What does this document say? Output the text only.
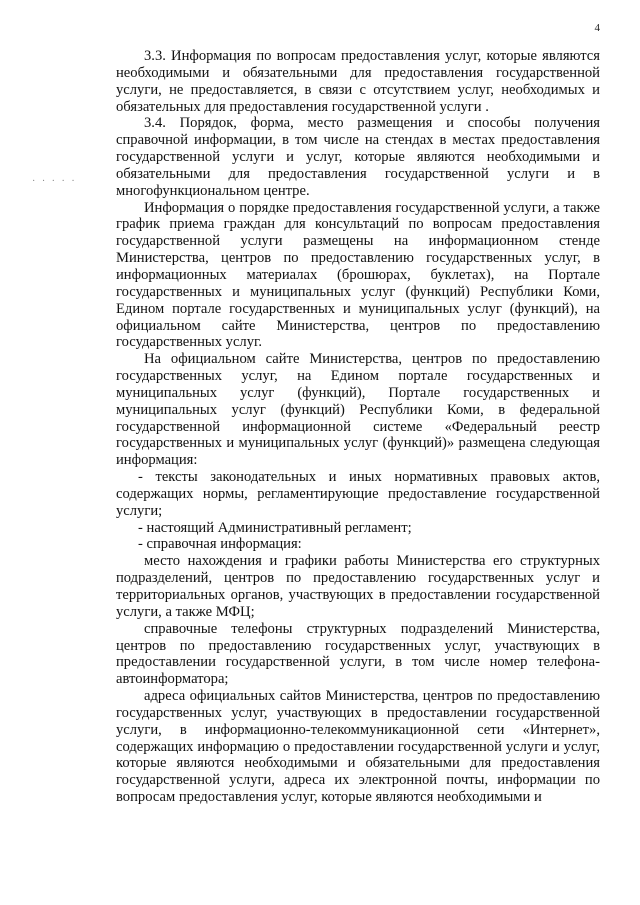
4
· · · · ·

3.3. Информация по вопросам предоставления услуг, которые являются необходимыми и обязательными для предоставления государственной услуги, не предоставляется, в связи с отсутствием услуг, необходимых и обязательных для предоставления государственной услуги .

3.4. Порядок, форма, место размещения и способы получения справочной информации, в том числе на стендах в местах предоставления государственной услуги и услуг, которые являются необходимыми и обязательными для предоставления государственной услуги и в многофункциональном центре.

Информация о порядке предоставления государственной услуги, а также график приема граждан для консультаций по вопросам предоставления государственной услуги размещены на информационном стенде Министерства, центров по предоставлению государственных услуг, в информационных материалах (брошюрах, буклетах), на Портале государственных и муниципальных услуг (функций) Республики Коми, Едином портале государственных и муниципальных услуг (функций), на официальном сайте Министерства, центров по предоставлению государственных услуг.

На официальном сайте Министерства, центров по предоставлению государственных услуг, на Едином портале государственных и муниципальных услуг (функций), Портале государственных и муниципальных услуг (функций) Республики Коми, в федеральной государственной информационной системе «Федеральный реестр государственных и муниципальных услуг (функций)» размещена следующая информация:

- тексты законодательных и иных нормативных правовых актов, содержащих нормы, регламентирующие предоставление государственной услуги;

- настоящий Административный регламент;

- справочная информация:

место нахождения и графики работы Министерства его структурных подразделений, центров по предоставлению государственных услуг и территориальных органов, участвующих в предоставлении государственной услуги, а также МФЦ;

справочные телефоны структурных подразделений Министерства, центров по предоставлению государственных услуг, участвующих в предоставлении государственной услуги, в том числе номер телефона-автоинформатора;

адреса официальных сайтов Министерства, центров по предоставлению государственных услуг, участвующих в предоставлении государственной услуги, в информационно-телекоммуникационной сети «Интернет», содержащих информацию о предоставлении государственной услуги и услуг, которые являются необходимыми и обязательными для предоставления государственной услуги, адреса их электронной почты, информации по вопросам предоставления услуг, которые являются необходимыми и
